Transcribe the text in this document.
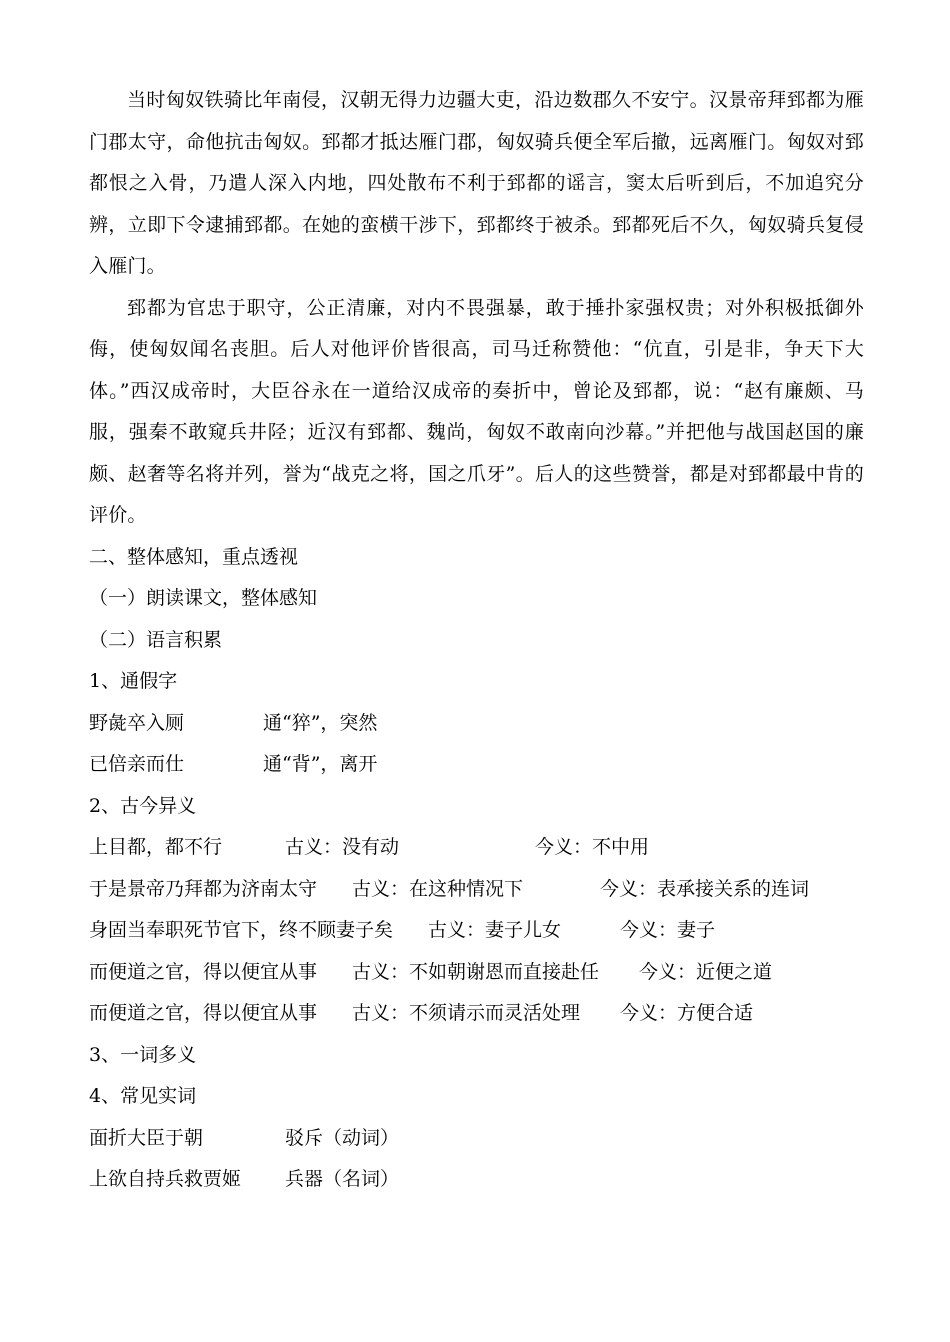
当时匈奴铁骑比年南侵，汉朝无得力边疆大吏，沿边数郡久不安宁。汉景帝拜郅都为雁门郡太守，命他抗击匈奴。郅都才抵达雁门郡，匈奴骑兵便全军后撤，远离雁门。匈奴对郅都恨之入骨，乃遣人深入内地，四处散布不利于郅都的谣言，窦太后听到后，不加追究分辨，立即下令逮捕郅都。在她的蛮横干涉下，郅都终于被杀。郅都死后不久，匈奴骑兵复侵入雁门。

郅都为官忠于职守，公正清廉，对内不畏强暴，敢于捶扑家强权贵；对外积极抵御外侮，使匈奴闻名丧胆。后人对他评价皆很高，司马迁称赞他：“伉直，引是非，争天下大体。”西汉成帝时，大臣谷永在一道给汉成帝的奏折中，曾论及郅都，说：“赵有廉颇、马服，强秦不敢窥兵井陉；近汉有郅都、魏尚，匈奴不敢南向沙幕。”并把他与战国赵国的廉颇、赵奢等名将并列，誉为“战克之将，国之爪牙”。后人的这些赞誉，都是对郅都最中肯的评价。

二、整体感知，重点透视
（一）朗读课文，整体感知
（二）语言积累
1、通假字
野彘卒入厕	通“猝”，突然
已倍亲而仕	通“背”，离开
2、古今异义
上目都，都不行	古义：没有动	今义：不中用
于是景帝乃拜都为济南太守 古义：在这种情况下	今义：表承接关系的连词
身固当奉职死节官下，终不顾妻子矣 古义：妻子儿女	今义：妻子
而便道之官，得以便宜从事 古义：不如朝谢恩而直接赴任 今义：近便之道
而便道之官，得以便宜从事 古义：不须请示而灵活处理 今义：方便合适
3、一词多义
4、常见实词
面折大臣于朝	驳斥（动词）
上欲自持兵救贾姬 兵器（名词）
